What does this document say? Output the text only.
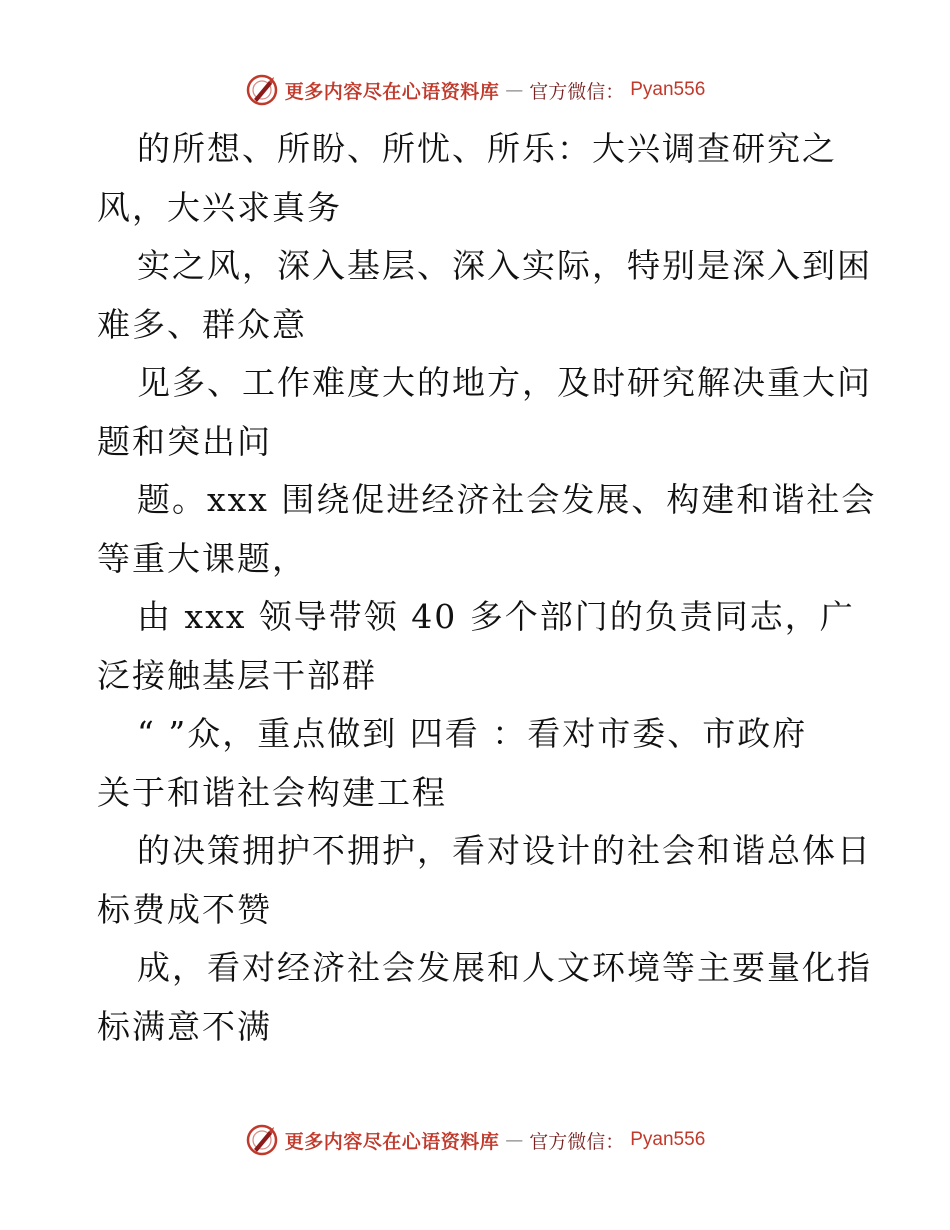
更多内容尽在心语资料库 — 官方微信： Pyan556
的所想、所盼、所忧、所乐：大兴调查研究之
风，大兴求真务
实之风，深入基层、深入实际，特别是深入到困
难多、群众意
见多、工作难度大的地方，及时研究解决重大问
题和突出问
题。xxx 围绕促进经济社会发展、构建和谐社会
等重大课题，
由 xxx 领导带领 40 多个部门的负责同志，广
泛接触基层干部群
“ ”众，重点做到 四看 ：看对市委、市政府
关于和谐社会构建工程
的决策拥护不拥护，看对设计的社会和谐总体日
标费成不赞
成，看对经济社会发展和人文环境等主要量化指
标满意不满
更多内容尽在心语资料库 — 官方微信： Pyan556
